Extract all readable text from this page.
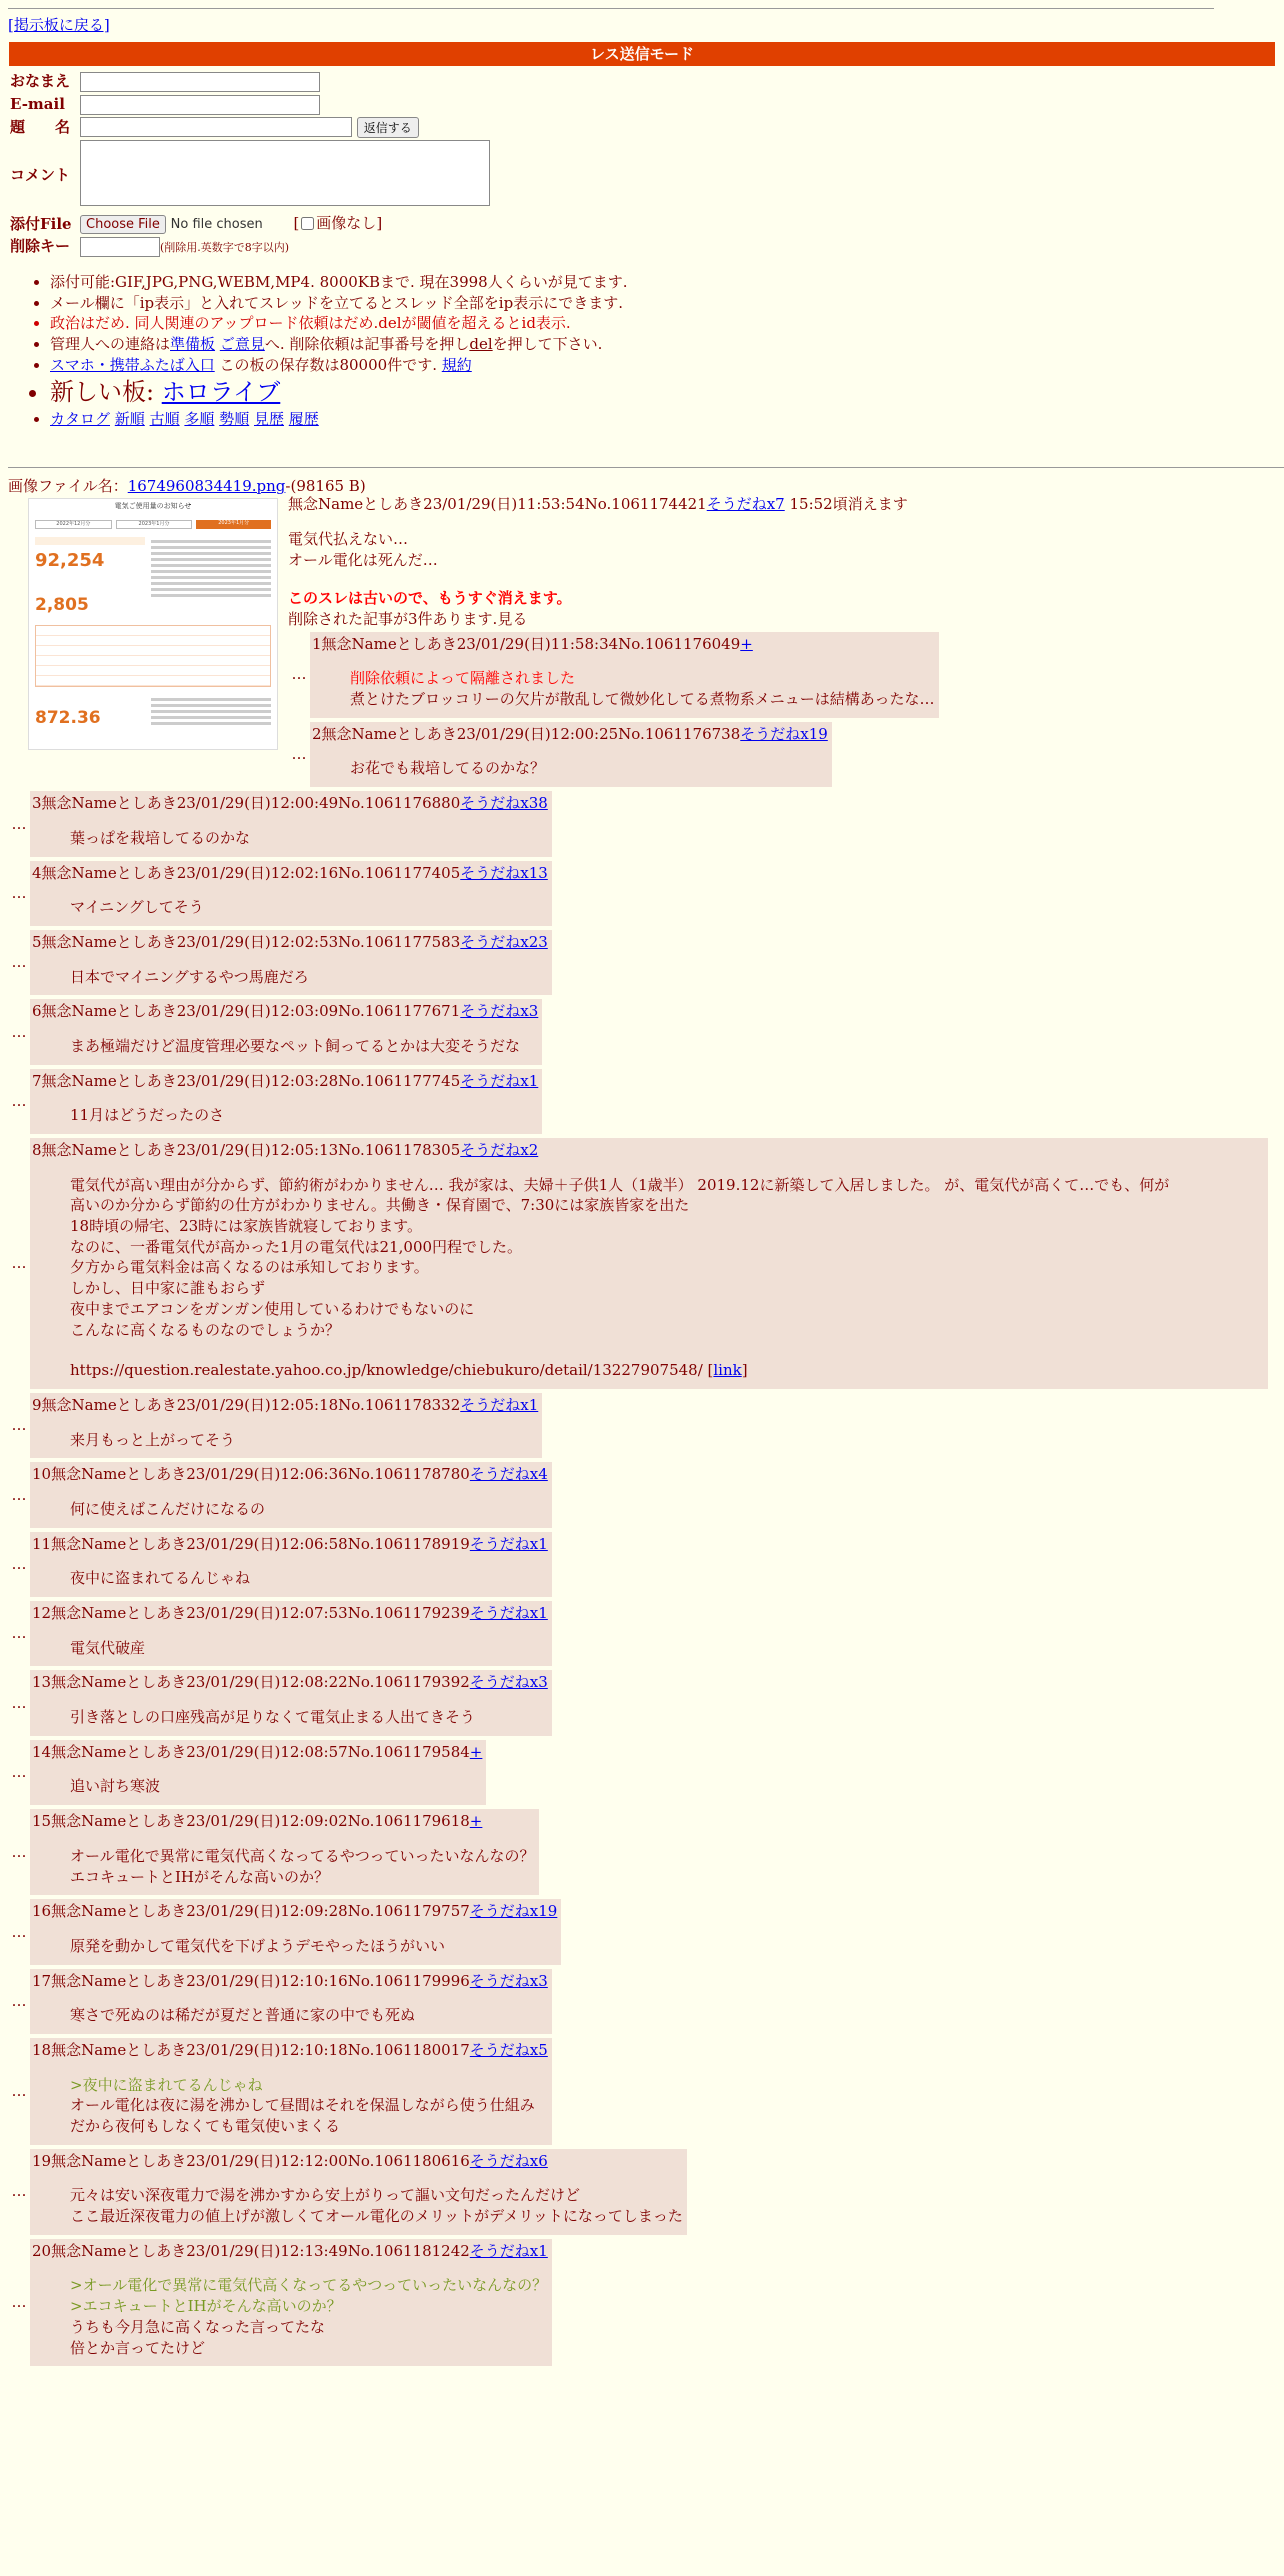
[掲示板に戻る]
レス送信モード
おなまえ	
E-mail	
題　　名	返信する
コメント	
添付File	Choose File No file chosen [ 画像なし]
削除キー	(削除用.英数字で8字以内)
• 添付可能:GIF,JPG,PNG,WEBM,MP4. 8000KBまで. 現在3998人くらいが見てます.
• メール欄に「ip表示」と入れてスレッドを立てるとスレッド全部をip表示にできます.
• 政治はだめ. 同人関連のアップロード依頼はだめ.delが閾値を超えるとid表示.
• 管理人への連絡は準備板 ご意見へ. 削除依頼は記事番号を押しdelを押して下さい.
• スマホ・携帯ふたば入口 この板の保存数は80000件です. 規約
• 新しい板: ホロライブ
• カタログ 新順 古順 多順 勢順 見歴 履歴
画像ファイル名：1674960834419.png-(98165 B)
電気ご使用量のお知らせ
2022年12月分	2023年1月分	2023年1月分
92,254
2,805
872.36
無念Nameとしあき23/01/29(日)11:53:54No.1061174421そうだねx7 15:52頃消えます
電気代払えない…
オール電化は死んだ…
このスレは古いので、もうすぐ消えます。
削除された記事が3件あります.見る
…
1無念Nameとしあき23/01/29(日)11:58:34No.1061176049+
削除依頼によって隔離されました
煮とけたブロッコリーの欠片が散乱して微妙化してる煮物系メニューは結構あったな…
…
2無念Nameとしあき23/01/29(日)12:00:25No.1061176738そうだねx19
お花でも栽培してるのかな？
…
3無念Nameとしあき23/01/29(日)12:00:49No.1061176880そうだねx38
葉っぱを栽培してるのかな
…
4無念Nameとしあき23/01/29(日)12:02:16No.1061177405そうだねx13
マイニングしてそう
…
5無念Nameとしあき23/01/29(日)12:02:53No.1061177583そうだねx23
日本でマイニングするやつ馬鹿だろ
…
6無念Nameとしあき23/01/29(日)12:03:09No.1061177671そうだねx3
まあ極端だけど温度管理必要なペット飼ってるとかは大変そうだな
…
7無念Nameとしあき23/01/29(日)12:03:28No.1061177745そうだねx1
11月はどうだったのさ
…
8無念Nameとしあき23/01/29(日)12:05:13No.1061178305そうだねx2
電気代が高い理由が分からず、節約術がわかりません… 我が家は、夫婦＋子供1人（1歳半） 2019.12に新築して入居しました。 が、電気代が高くて…でも、何が
高いのか分からず節約の仕方がわかりません。共働き・保育園で、7:30には家族皆家を出た
18時頃の帰宅、23時には家族皆就寝しております。
なのに、一番電気代が高かった1月の電気代は21,000円程でした。
夕方から電気料金は高くなるのは承知しております。
しかし、日中家に誰もおらず
夜中までエアコンをガンガン使用しているわけでもないのに
こんなに高くなるものなのでしょうか？
https://question.realestate.yahoo.co.jp/knowledge/chiebukuro/detail/13227907548/ [link]
…
9無念Nameとしあき23/01/29(日)12:05:18No.1061178332そうだねx1
来月もっと上がってそう
…
10無念Nameとしあき23/01/29(日)12:06:36No.1061178780そうだねx4
何に使えばこんだけになるの
…
11無念Nameとしあき23/01/29(日)12:06:58No.1061178919そうだねx1
夜中に盗まれてるんじゃね
…
12無念Nameとしあき23/01/29(日)12:07:53No.1061179239そうだねx1
電気代破産
…
13無念Nameとしあき23/01/29(日)12:08:22No.1061179392そうだねx3
引き落としの口座残高が足りなくて電気止まる人出てきそう
…
14無念Nameとしあき23/01/29(日)12:08:57No.1061179584+
追い討ち寒波
…
15無念Nameとしあき23/01/29(日)12:09:02No.1061179618+
オール電化で異常に電気代高くなってるやつっていったいなんなの？
エコキュートとIHがそんな高いのか？
…
16無念Nameとしあき23/01/29(日)12:09:28No.1061179757そうだねx19
原発を動かして電気代を下げようデモやったほうがいい
…
17無念Nameとしあき23/01/29(日)12:10:16No.1061179996そうだねx3
寒さで死ぬのは稀だが夏だと普通に家の中でも死ぬ
…
18無念Nameとしあき23/01/29(日)12:10:18No.1061180017そうだねx5
>夜中に盗まれてるんじゃね
オール電化は夜に湯を沸かして昼間はそれを保温しながら使う仕組み
だから夜何もしなくても電気使いまくる
…
19無念Nameとしあき23/01/29(日)12:12:00No.1061180616そうだねx6
元々は安い深夜電力で湯を沸かすから安上がりって謳い文句だったんだけど
ここ最近深夜電力の値上げが激しくてオール電化のメリットがデメリットになってしまった
…
20無念Nameとしあき23/01/29(日)12:13:49No.1061181242そうだねx1
>オール電化で異常に電気代高くなってるやつっていったいなんなの？
>エコキュートとIHがそんな高いのか？
うちも今月急に高くなった言ってたな
倍とか言ってたけど
